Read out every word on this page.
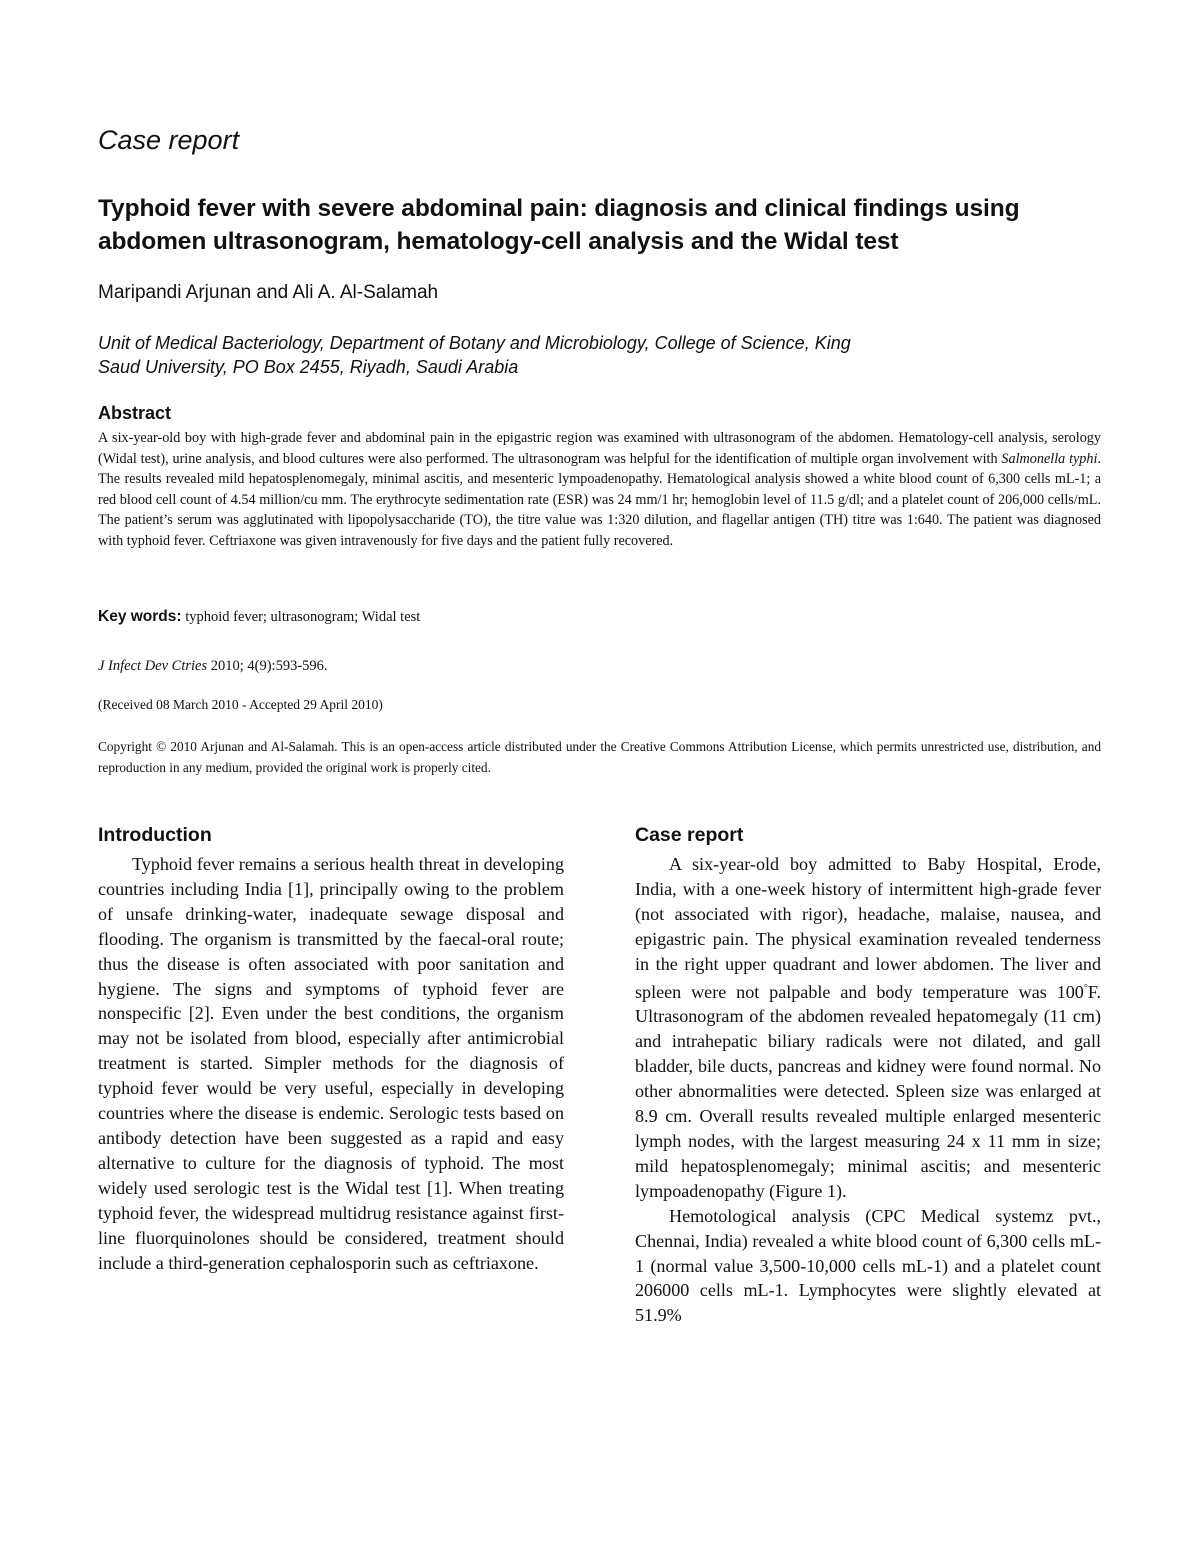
Case report
Typhoid fever with severe abdominal pain: diagnosis and clinical findings using abdomen ultrasonogram, hematology-cell analysis and the Widal test
Maripandi Arjunan and Ali A. Al-Salamah
Unit of Medical Bacteriology, Department of Botany and Microbiology, College of Science, King Saud University, PO Box 2455, Riyadh, Saudi Arabia
Abstract
A six-year-old boy with high-grade fever and abdominal pain in the epigastric region was examined with ultrasonogram of the abdomen. Hematology-cell analysis, serology (Widal test), urine analysis, and blood cultures were also performed. The ultrasonogram was helpful for the identification of multiple organ involvement with Salmonella typhi. The results revealed mild hepatosplenomegaly, minimal ascitis, and mesenteric lympoadenopathy. Hematological analysis showed a white blood count of 6,300 cells mL-1; a red blood cell count of 4.54 million/cu mm. The erythrocyte sedimentation rate (ESR) was 24 mm/1 hr; hemoglobin level of 11.5 g/dl; and a platelet count of 206,000 cells/mL. The patient’s serum was agglutinated with lipopolysaccharide (TO), the titre value was 1:320 dilution, and flagellar antigen (TH) titre was 1:640. The patient was diagnosed with typhoid fever. Ceftriaxone was given intravenously for five days and the patient fully recovered.
Key words: typhoid fever; ultrasonogram; Widal test
J Infect Dev Ctries 2010; 4(9):593-596.
(Received 08 March 2010 - Accepted 29 April 2010)
Copyright © 2010 Arjunan and Al-Salamah. This is an open-access article distributed under the Creative Commons Attribution License, which permits unrestricted use, distribution, and reproduction in any medium, provided the original work is properly cited.
Introduction

Typhoid fever remains a serious health threat in developing countries including India [1], principally owing to the problem of unsafe drinking-water, inadequate sewage disposal and flooding. The organism is transmitted by the faecal-oral route; thus the disease is often associated with poor sanitation and hygiene. The signs and symptoms of typhoid fever are nonspecific [2]. Even under the best conditions, the organism may not be isolated from blood, especially after antimicrobial treatment is started. Simpler methods for the diagnosis of typhoid fever would be very useful, especially in developing countries where the disease is endemic. Serologic tests based on antibody detection have been suggested as a rapid and easy alternative to culture for the diagnosis of typhoid. The most widely used serologic test is the Widal test [1]. When treating typhoid fever, the widespread multidrug resistance against first-line fluorquinolones should be considered, treatment should include a third-generation cephalosporin such as ceftriaxone.

Case report

A six-year-old boy admitted to Baby Hospital, Erode, India, with a one-week history of intermittent high-grade fever (not associated with rigor), headache, malaise, nausea, and epigastric pain. The physical examination revealed tenderness in the right upper quadrant and lower abdomen. The liver and spleen were not palpable and body temperature was 100°F. Ultrasonogram of the abdomen revealed hepatomegaly (11 cm) and intrahepatic biliary radicals were not dilated, and gall bladder, bile ducts, pancreas and kidney were found normal. No other abnormalities were detected. Spleen size was enlarged at 8.9 cm. Overall results revealed multiple enlarged mesenteric lymph nodes, with the largest measuring 24 x 11 mm in size; mild hepatosplenomegaly; minimal ascitis; and mesenteric lympoadenopathy (Figure 1).

Hemotological analysis (CPC Medical systemz pvt., Chennai, India) revealed a white blood count of 6,300 cells mL-1 (normal value 3,500-10,000 cells mL-1) and a platelet count 206000 cells mL-1. Lymphocytes were slightly elevated at 51.9%
